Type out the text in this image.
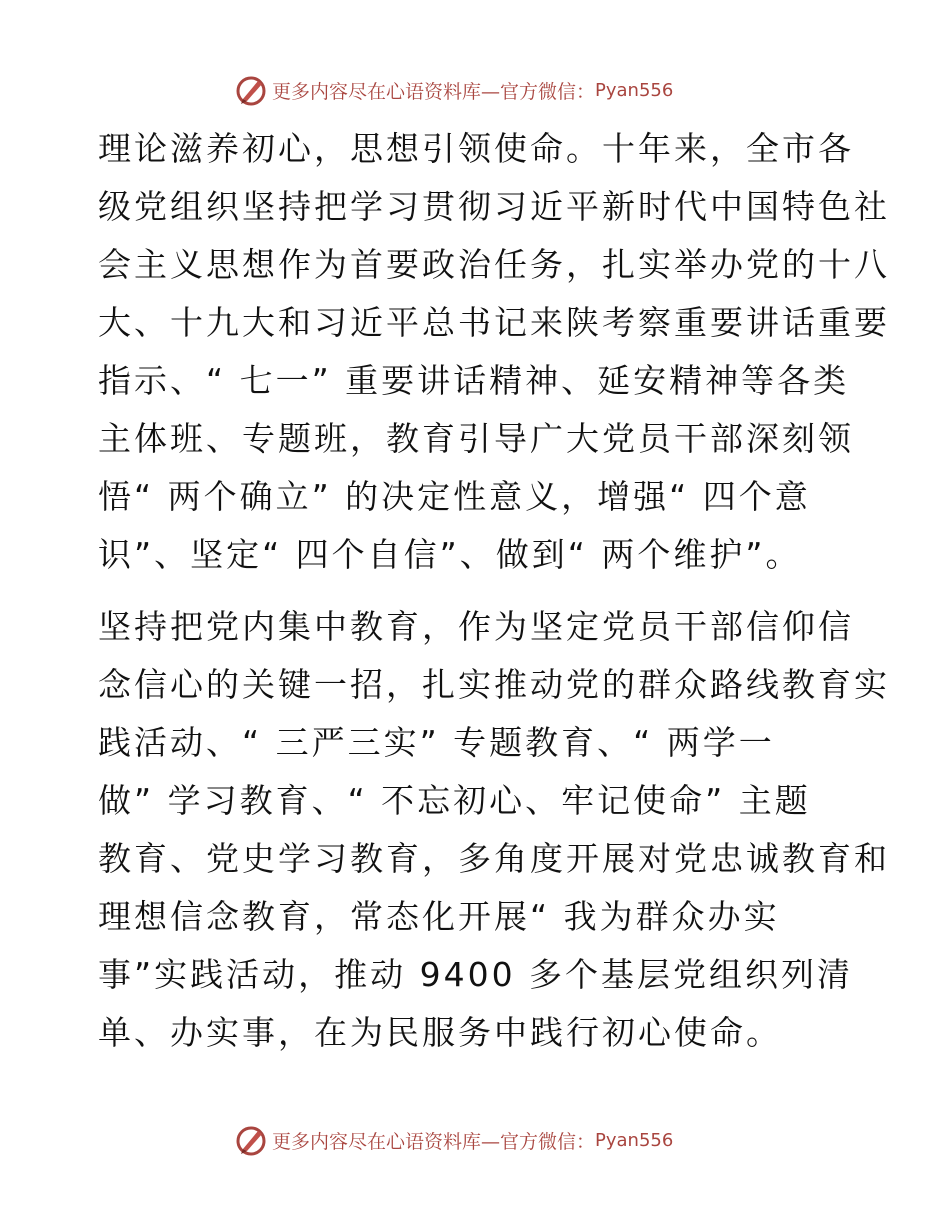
更多内容尽在心语资料库—官方微信： Pyan556

理论滋养初心，思想引领使命。十年来，全市各
级党组织坚持把学习贯彻习近平新时代中国特色社
会主义思想作为首要政治任务，扎实举办党的十八
大、十九大和习近平总书记来陕考察重要讲话重要
指示、“ 七一” 重要讲话精神、延安精神等各类
主体班、专题班，教育引导广大党员干部深刻领
悟“ 两个确立” 的决定性意义，增强“ 四个意
识”、坚定“ 四个自信”、做到“ 两个维护”。

坚持把党内集中教育，作为坚定党员干部信仰信
念信心的关键一招，扎实推动党的群众路线教育实
践活动、“ 三严三实” 专题教育、“ 两学一
做” 学习教育、“ 不忘初心、牢记使命” 主题
教育、党史学习教育，多角度开展对党忠诚教育和
理想信念教育，常态化开展“ 我为群众办实
事”实践活动，推动 9400 多个基层党组织列清
单、办实事，在为民服务中践行初心使命。

更多内容尽在心语资料库—官方微信： Pyan556
